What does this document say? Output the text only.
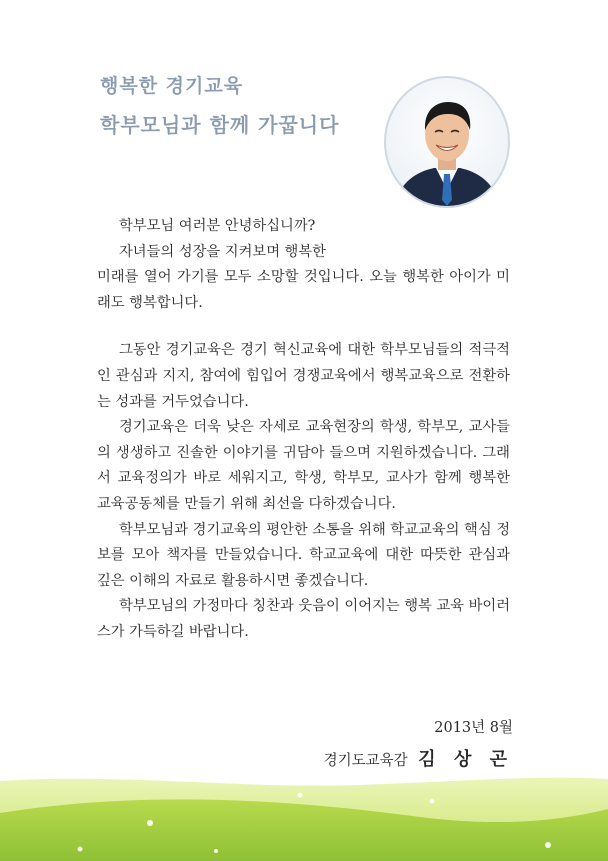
행복한 경기교육
학부모님과 함께 가꿉니다

학부모님 여러분 안녕하십니까?

자녀들의 성장을 지켜보며 행복한

미래를 열어 가기를 모두 소망할 것입니다. 오늘 행복한 아이가 미래도 행복합니다.

그동안 경기교육은 경기 혁신교육에 대한 학부모님들의 적극적인 관심과 지지, 참여에 힘입어 경쟁교육에서 행복교육으로 전환하는 성과를 거두었습니다.

경기교육은 더욱 낮은 자세로 교육현장의 학생, 학부모, 교사들의 생생하고 진솔한 이야기를 귀담아 들으며 지원하겠습니다. 그래서 교육정의가 바로 세워지고, 학생, 학부모, 교사가 함께 행복한 교육공동체를 만들기 위해 최선을 다하겠습니다.

학부모님과 경기교육의 평안한 소통을 위해 학교교육의 핵심 정보를 모아 책자를 만들었습니다. 학교교육에 대한 따뜻한 관심과 깊은 이해의 자료로 활용하시면 좋겠습니다.

학부모님의 가정마다 칭찬과 웃음이 이어지는 행복 교육 바이러스가 가득하길 바랍니다.

2013년 8월
경기도교육감 김 상 곤
